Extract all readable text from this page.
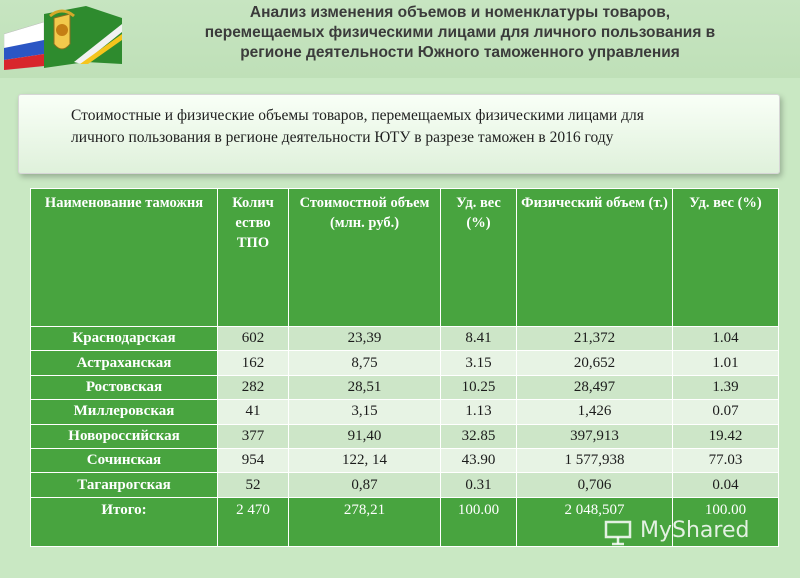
Анализ изменения объемов и номенклатуры товаров,
перемещаемых физическими лицами для личного пользования в
регионе деятельности Южного таможенного управления
Стоимостные и физические объемы товаров, перемещаемых физическими лицами для
личного пользования в регионе деятельности ЮТУ в разрезе таможен в 2016 году
Наименование таможня	Колич ество ТПО	Стоимостной объем (млн. руб.)	Уд. вес (%)	Физический объем (т.)	Уд. вес (%)
Краснодарская	602	23,39	8.41	21,372	1.04
Астраханская	162	8,75	3.15	20,652	1.01
Ростовская	282	28,51	10.25	28,497	1.39
Миллеровская	41	3,15	1.13	1,426	0.07
Новороссийская	377	91,40	32.85	397,913	19.42
Сочинская	954	122, 14	43.90	1 577,938	77.03
Таганрогская	52	0,87	0.31	0,706	0.04
Итого:	2 470	278,21	100.00	2 048,507	100.00
MyShared
